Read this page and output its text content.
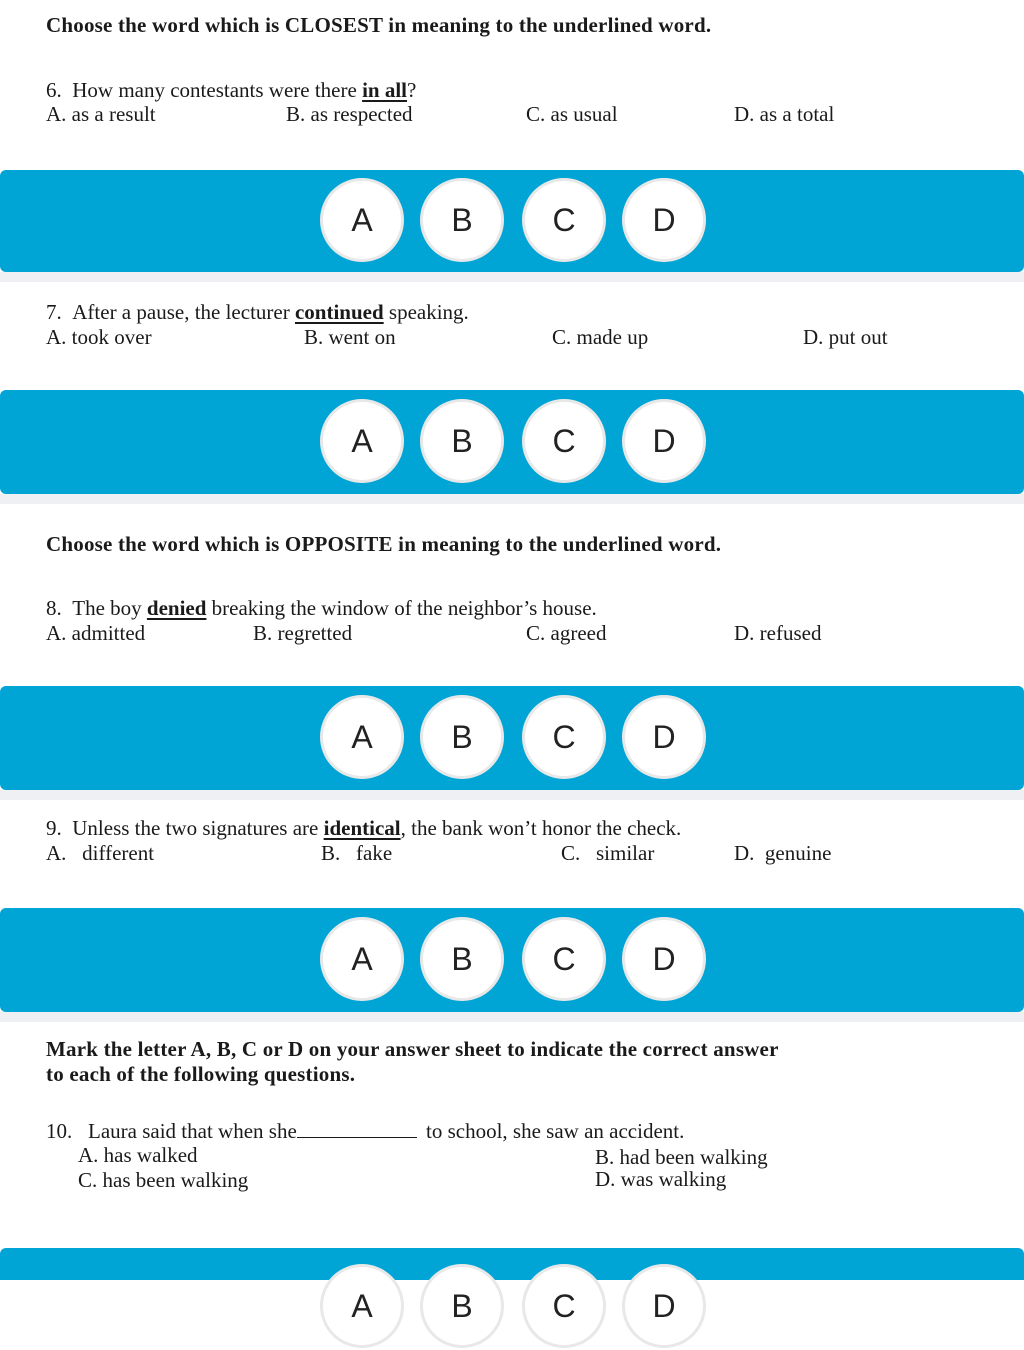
Choose the word which is CLOSEST in meaning to the underlined word.
6. How many contestants were there in all?
A. as a result	B. as respected	C. as usual	D. as a total
A	B	C	D
7. After a pause, the lecturer continued speaking.
A. took over	B. went on	C. made up	D. put out
A	B	C	D
Choose the word which is OPPOSITE in meaning to the underlined word.
8. The boy denied breaking the window of the neighbor’s house.
A. admitted	B. regretted	C. agreed	D. refused
A	B	C	D
9. Unless the two signatures are identical, the bank won’t honor the check.
A.   different	B.   fake	C.   similar	D.  genuine
A	B	C	D
Mark the letter A, B, C or D on your answer sheet to indicate the correct answer
to each of the following questions.
10. Laura said that when she	to school, she saw an accident.
A. has walked	B. had been walking
C. has been walking	D. was walking
A	B	C	D
